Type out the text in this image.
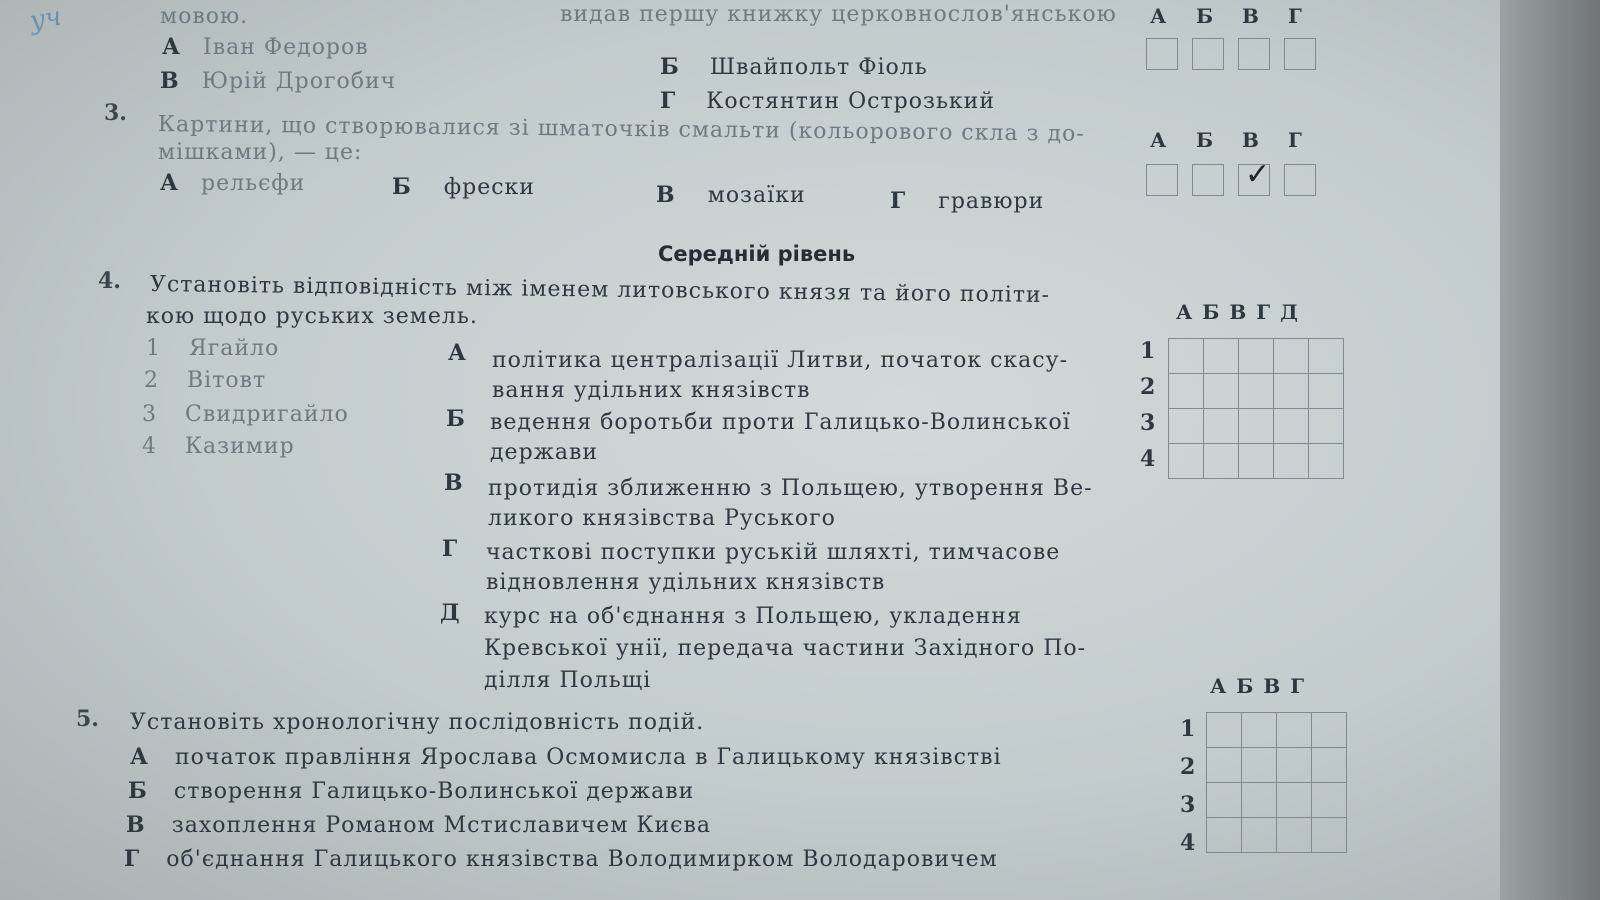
уч	видав першу книжку церковнослов'янською
мовою.
А Іван Федоров
В Юрій Дрогобич
Б Швайпольт Фіоль
Г Костянтин Острозький
А Б В Г
3. Картини, що створювалися зі шматочків смальти (кольорового скла з до-
мішками), — це:
А рельєфи	Б фрески	В мозаїки	Г гравюри
А Б В Г
✓
Середній рівень
4. Установіть відповідність між іменем литовського князя та його політи-
кою щодо руських земель.
1 Ягайло
2 Вітовт
3 Свидригайло
4 Казимир
А політика централізації Литви, початок скасу-
вання удільних князівств
Б ведення боротьби проти Галицько-Волинської
держави
В протидія зближенню з Польщею, утворення Ве-
ликого князівства Руського
Г часткові поступки руській шляхті, тимчасове
відновлення удільних князівств
Д курс на об'єднання з Польщею, укладення
Кревської унії, передача частини Західного По-
ділля Польщі
АБВГД
1
2
3
4

5. Установіть хронологічну послідовність подій.
А початок правління Ярослава Осмомисла в Галицькому князівстві
Б створення Галицько-Волинської держави
В захоплення Романом Мстиславичем Києва
Г об'єднання Галицького князівства Володимирком Володаровичем
АБВГ
1
2
3
4
